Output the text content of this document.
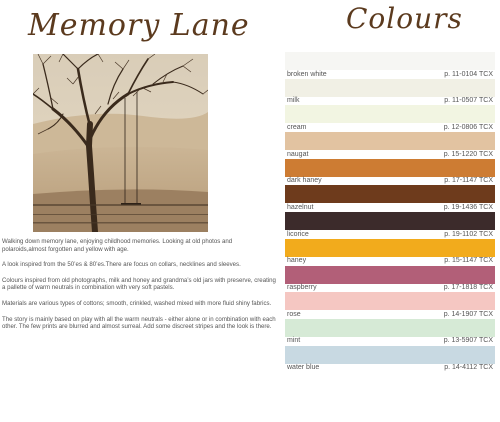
Memory Lane	Colours

Walking down memory lane, enjoying childhood memories. Looking at old photos and polaroids,almost forgotten and yellow with age.

A look inspired from the 50’es & 80’es.There are focus on collars, necklines and sleeves.

Colours inspired from old photographs, milk and honey and grandma’s old jars with preserve, creating a pallette of warm neutrals in combination with very soft pastels.

Materials are various types of cottons; smooth, crinkled, washed mixed with more fluid shiny fabrics.

The story is mainly based on play with all the warm neutrals - either alone or in combination with each other. The few prints are blurred and almost surreal. Add some discreet stripes and the look is there.

broken white	p. 11-0104 TCX
milk	p. 11-0507 TCX
cream	p. 12-0806 TCX
naugat	p. 15-1220 TCX
dark haney	p. 17-1147 TCX
hazelnut	p. 19-1436 TCX
licorice	p. 19-1102 TCX
haney	p. 15-1147 TCX
raspberry	p. 17-1818 TCX
rose	p. 14-1907 TCX
mint	p. 13-5907 TCX
water blue	p. 14-4112 TCX
